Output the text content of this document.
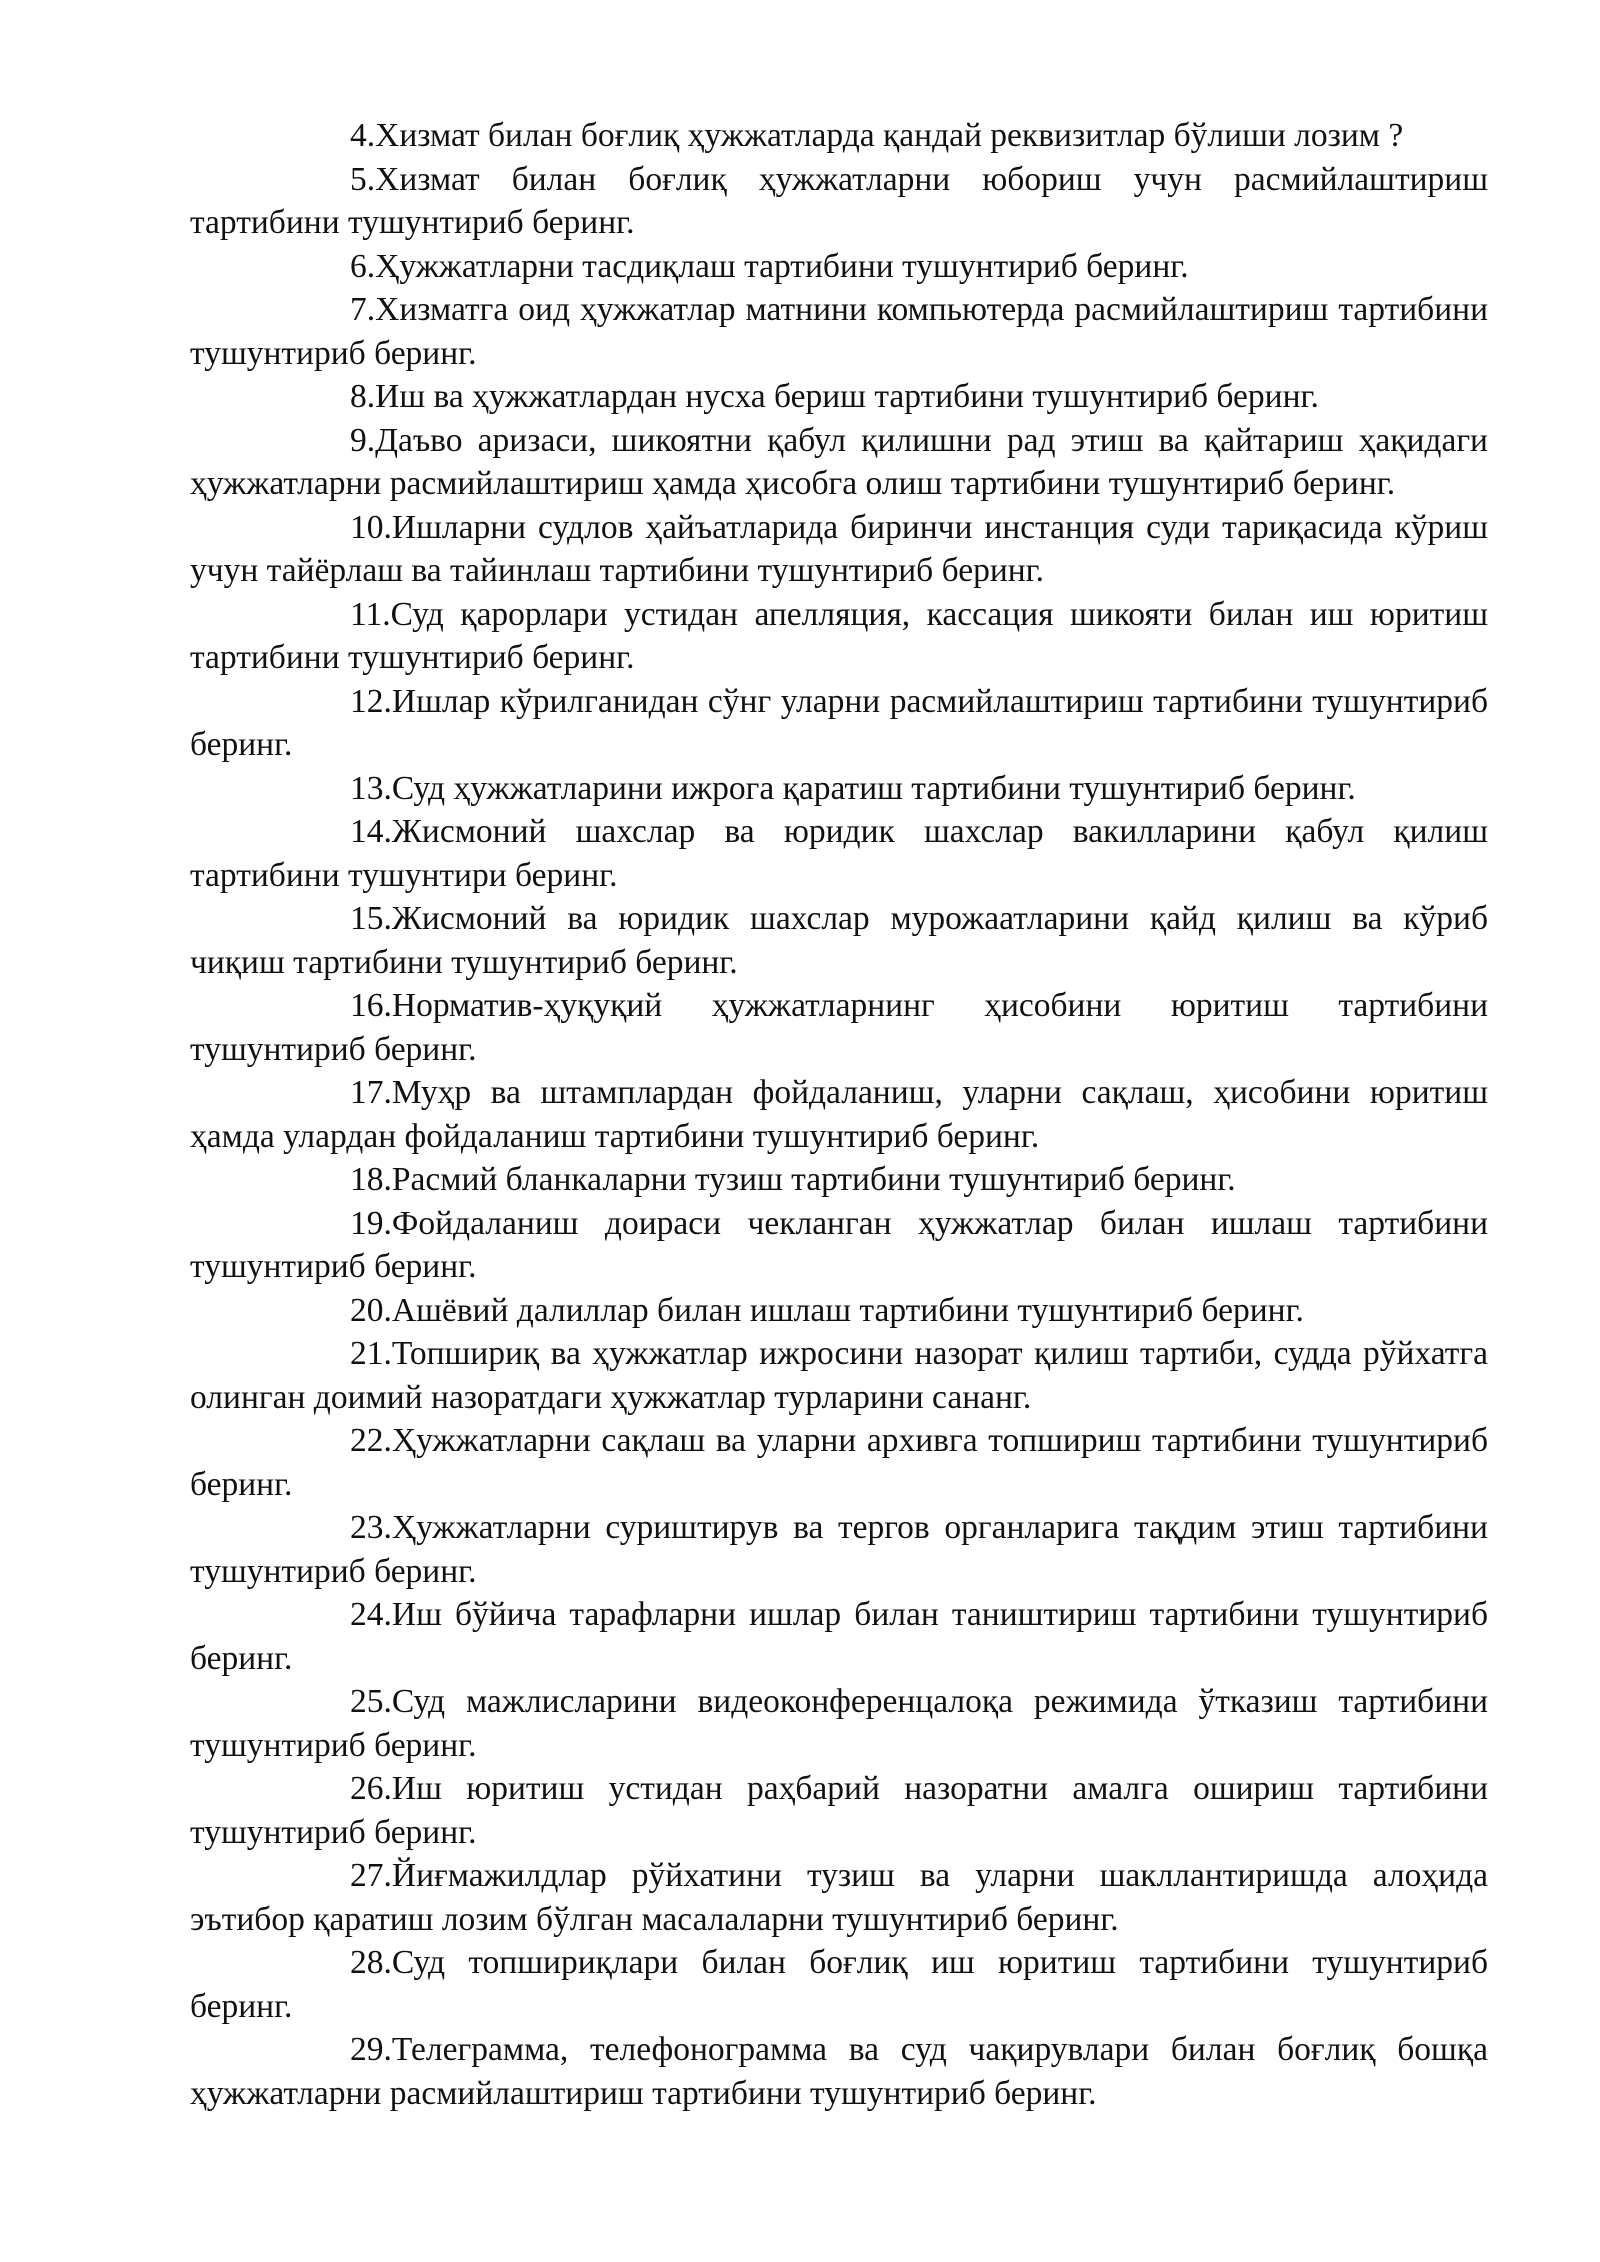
4.Хизмат билан боғлиқ ҳужжатларда қандай реквизитлар бўлиши лозим ?

5.Хизмат билан боғлиқ ҳужжатларни юбориш учун расмийлаштириш тартибини тушунтириб беринг.

6.Ҳужжатларни тасдиқлаш тартибини тушунтириб беринг.

7.Хизматга оид ҳужжатлар матнини компьютерда расмийлаштириш тартибини тушунтириб беринг.

8.Иш ва ҳужжатлардан нусха бериш тартибини тушунтириб беринг.

9.Даъво аризаси, шикоятни қабул қилишни рад этиш ва қайтариш ҳақидаги ҳужжатларни расмийлаштириш ҳамда ҳисобга олиш тартибини тушунтириб беринг.

10.Ишларни судлов ҳайъатларида биринчи инстанция суди тариқасида кўриш учун тайёрлаш ва тайинлаш тартибини тушунтириб беринг.

11.Суд қарорлари устидан апелляция, кассация шикояти билан иш юритиш тартибини тушунтириб беринг.

12.Ишлар кўрилганидан сўнг уларни расмийлаштириш тартибини тушунтириб беринг.

13.Суд ҳужжатларини ижрога қаратиш тартибини тушунтириб беринг.

14.Жисмоний шахслар ва юридик шахслар вакилларини қабул қилиш тартибини тушунтири беринг.

15.Жисмоний ва юридик шахслар мурожаатларини қайд қилиш ва кўриб чиқиш тартибини тушунтириб беринг.

16.Норматив-ҳуқуқий ҳужжатларнинг ҳисобини юритиш тартибини тушунтириб беринг.

17.Муҳр ва штамплардан фойдаланиш, уларни сақлаш, ҳисобини юритиш ҳамда улардан фойдаланиш тартибини тушунтириб беринг.

18.Расмий бланкаларни тузиш тартибини тушунтириб беринг.

19.Фойдаланиш доираси чекланган ҳужжатлар билан ишлаш тартибини тушунтириб беринг.

20.Ашёвий далиллар билан ишлаш тартибини тушунтириб беринг.

21.Топшириқ ва ҳужжатлар ижросини назорат қилиш тартиби, судда рўйхатга олинган доимий назоратдаги ҳужжатлар турларини сананг.

22.Ҳужжатларни сақлаш ва уларни архивга топшириш тартибини тушунтириб беринг.

23.Ҳужжатларни суриштирув ва тергов органларига тақдим этиш тартибини тушунтириб беринг.

24.Иш бўйича тарафларни ишлар билан таништириш тартибини тушунтириб беринг.

25.Суд мажлисларини видеоконференцалоқа режимида ўтказиш тартибини тушунтириб беринг.

26.Иш юритиш устидан раҳбарий назоратни амалга ошириш тартибини тушунтириб беринг.

27.Йиғмажилдлар рўйхатини тузиш ва уларни шакллантиришда алоҳида эътибор қаратиш лозим бўлган масалаларни тушунтириб беринг.

28.Суд топшириқлари билан боғлиқ иш юритиш тартибини тушунтириб беринг.

29.Телеграмма, телефонограмма ва суд чақирувлари билан боғлиқ бошқа ҳужжатларни расмийлаштириш тартибини тушунтириб беринг.
